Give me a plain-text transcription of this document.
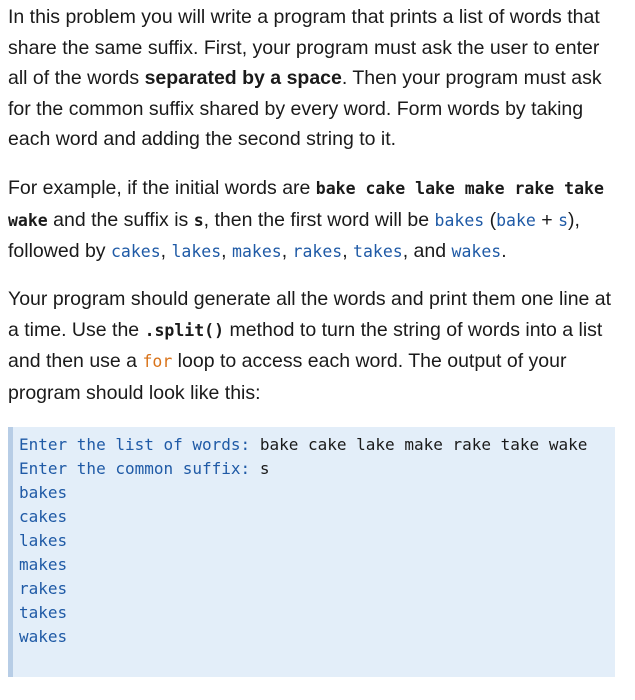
In this problem you will write a program that prints a list of words that share the same suffix. First, your program must ask the user to enter all of the words separated by a space. Then your program must ask for the common suffix shared by every word. Form words by taking each word and adding the second string to it.

For example, if the initial words are bake cake lake make rake take wake and the suffix is s, then the first word will be bakes (bake + s), followed by cakes, lakes, makes, rakes, takes, and wakes.

Your program should generate all the words and print them one line at a time. Use the .split() method to turn the string of words into a list and then use a for loop to access each word. The output of your program should look like this:

Enter the list of words: bake cake lake make rake take wake
Enter the common suffix: s
bakes
cakes
lakes
makes
rakes
takes
wakes
